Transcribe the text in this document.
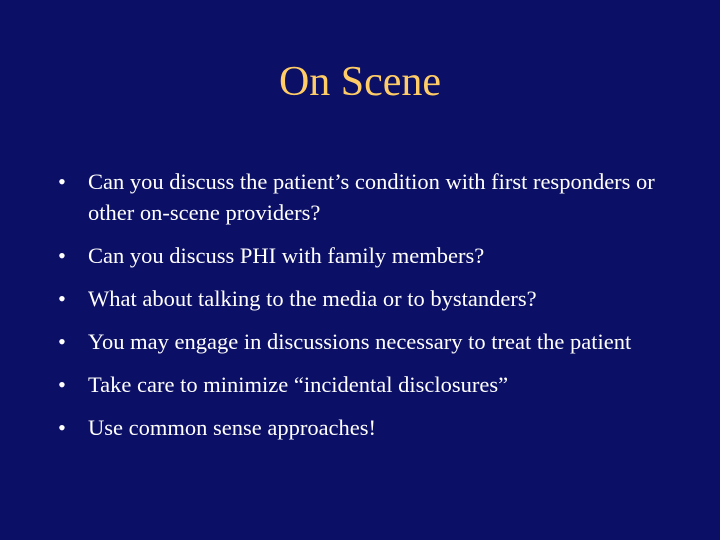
On Scene
• Can you discuss the patient’s condition with first responders or other on-scene providers?
• Can you discuss PHI with family members?
• What about talking to the media or to bystanders?
• You may engage in discussions necessary to treat the patient
• Take care to minimize “incidental disclosures”
• Use common sense approaches!
